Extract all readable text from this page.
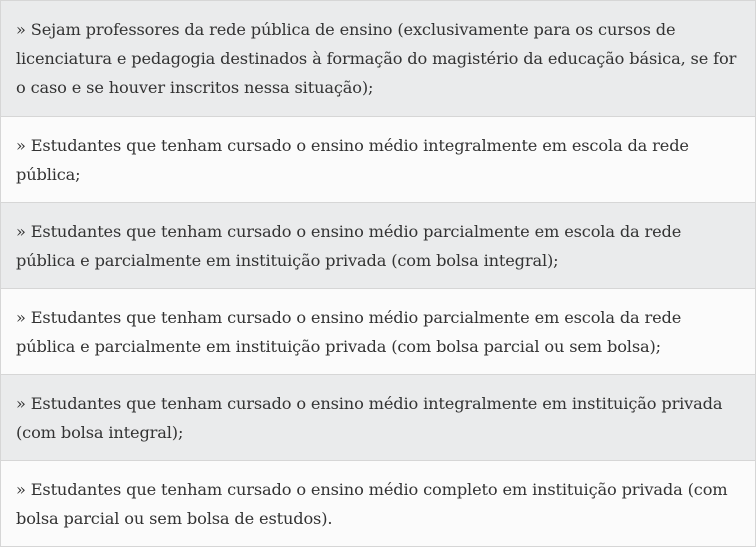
» Sejam professores da rede pública de ensino (exclusivamente para os cursos de licenciatura e pedagogia destinados à formação do magistério da educação básica, se for o caso e se houver inscritos nessa situação);
» Estudantes que tenham cursado o ensino médio integralmente em escola da rede pública;
» Estudantes que tenham cursado o ensino médio parcialmente em escola da rede pública e parcialmente em instituição privada (com bolsa integral);
» Estudantes que tenham cursado o ensino médio parcialmente em escola da rede pública e parcialmente em instituição privada (com bolsa parcial ou sem bolsa);
» Estudantes que tenham cursado o ensino médio integralmente em instituição privada (com bolsa integral);
» Estudantes que tenham cursado o ensino médio completo em instituição privada (com bolsa parcial ou sem bolsa de estudos).
